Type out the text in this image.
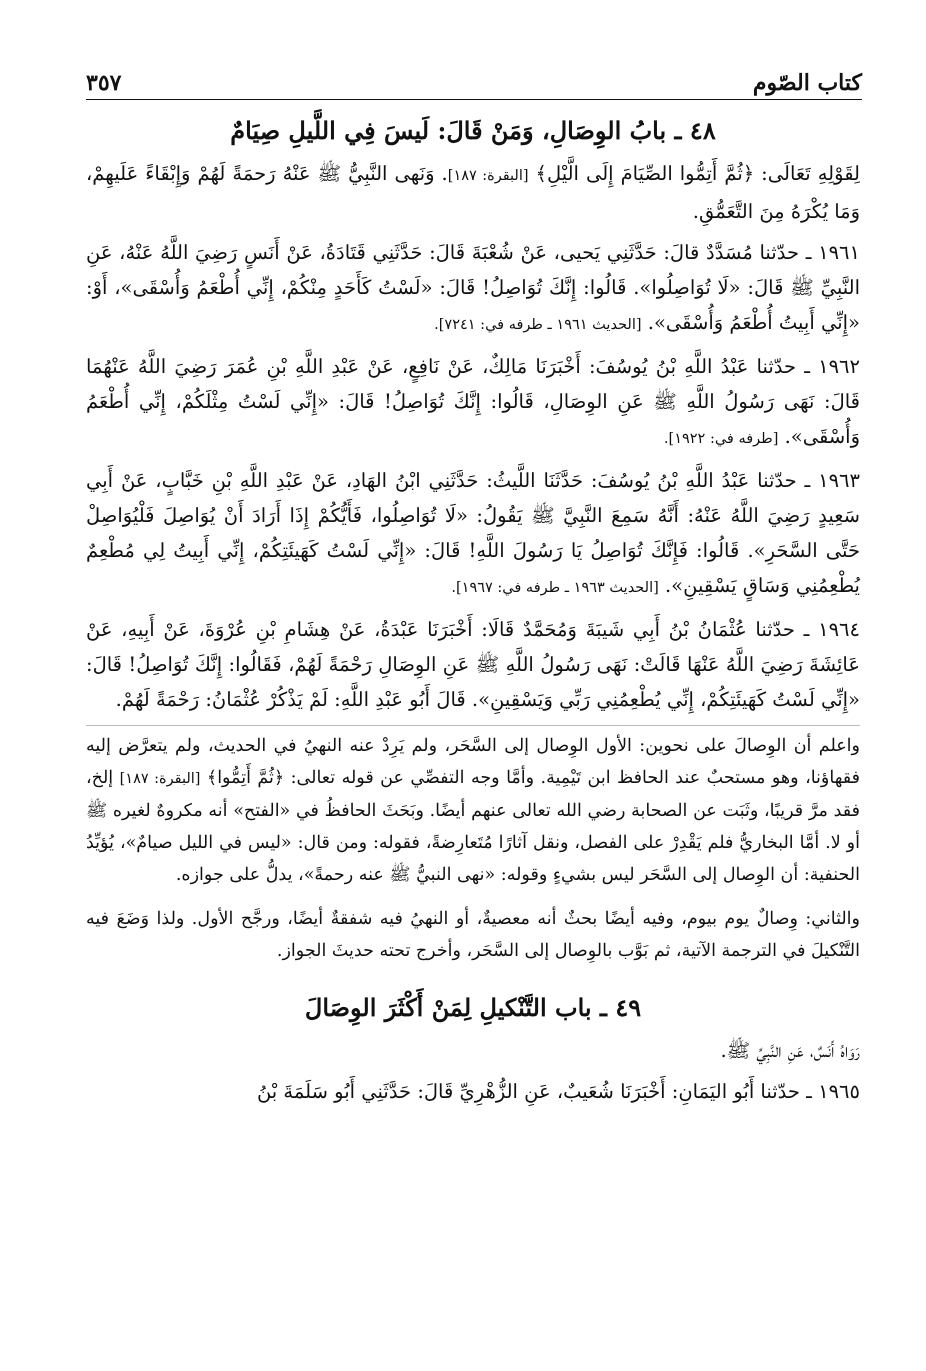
كتاب الصّوم
٣٥٧
٤٨ ـ بابُ الوِصَالِ، وَمَنْ قَالَ: لَيسَ فِي اللَّيلِ صِيَامٌ

لِقَوْلِهِ تَعَالَى: ﴿ثُمَّ أَتِمُّوا الصِّيَامَ إِلَى الَّيْلِ﴾ [البقرة: ١٨٧]. وَنَهى النَّبِيُّ ﷺ عَنْهُ رَحمَةً لَهُمْ وَإِبْقَاءً عَلَيهِمْ، وَمَا يُكْرَهُ مِنَ التَّعَمُّقِ.

١٩٦١ ـ حدّثنا مُسَدَّدٌ قالَ: حَدَّثَنِي يَحيى، عَنْ شُعْبَةَ قَالَ: حَدَّثَنِي قَتَادَةُ، عَنْ أَنَسٍ رَضِيَ اللَّهُ عَنْهُ، عَنِ النَّبِيِّ ﷺ قَالَ: «لَا تُوَاصِلُوا». قَالُوا: إِنَّكَ تُوَاصِلُ! قَالَ: «لَسْتُ كَأَحَدٍ مِنْكُمْ، إِنِّي أُطْعَمُ وَأُسْقَى»، أَوْ: «إِنِّي أَبِيتُ أُطْعَمُ وَأُسْقَى». [الحديث ١٩٦١ ـ طرفه في: ٧٢٤١].

١٩٦٢ ـ حدّثنا عَبْدُ اللَّهِ بْنُ يُوسُفَ: أَخْبَرَنَا مَالِكٌ، عَنْ نَافِعٍ، عَنْ عَبْدِ اللَّهِ بْنِ عُمَرَ رَضِيَ اللَّهُ عَنْهُمَا قَالَ: نَهَى رَسُولُ اللَّهِ ﷺ عَنِ الوِصَالِ، قَالُوا: إِنَّكَ تُوَاصِلُ! قَالَ: «إِنِّي لَسْتُ مِثْلَكُمْ، إِنِّي أُطْعَمُ وَأُسْقَى». [طرفه في: ١٩٢٢].

١٩٦٣ ـ حدّثنا عَبْدُ اللَّهِ بْنُ يُوسُفَ: حَدَّثَنَا اللَّيثُ: حَدَّثَنِي ابْنُ الهَادِ، عَنْ عَبْدِ اللَّهِ بْنِ خَبَّابٍ، عَنْ أَبِي سَعِيدٍ رَضِيَ اللَّهُ عَنْهُ: أَنَّهُ سَمِعَ النَّبِيَّ ﷺ يَقُولُ: «لَا تُوَاصِلُوا، فَأَيُّكُمْ إِذَا أَرَادَ أَنْ يُوَاصِلَ فَلْيُوَاصِلْ حَتَّى السَّحَرِ». قَالُوا: فَإِنَّكَ تُوَاصِلُ يَا رَسُولَ اللَّهِ! قَالَ: «إِنِّي لَسْتُ كَهَيئَتِكُمْ، إِنِّي أَبِيتُ لِي مُطْعِمٌ يُطْعِمُنِي وَسَاقٍ يَسْقِينِ». [الحديث ١٩٦٣ ـ طرفه في: ١٩٦٧].

١٩٦٤ ـ حدّثنا عُثْمَانُ بْنُ أَبِي شَيبَةَ وَمُحَمَّدٌ قَالَا: أَخْبَرَنَا عَبْدَةُ، عَنْ هِشَامِ بْنِ عُرْوَةَ، عَنْ أَبِيهِ، عَنْ عَائِشَةَ رَضِيَ اللَّهُ عَنْهَا قَالَتْ: نَهَى رَسُولُ اللَّهِ ﷺ عَنِ الوِصَالِ رَحْمَةً لَهُمْ، فَقَالُوا: إِنَّكَ تُوَاصِلُ! قَالَ: «إِنِّي لَسْتُ كَهَيئَتِكُمْ، إِنِّي يُطْعِمُنِي رَبِّي وَيَسْقِينِ». قَالَ أَبُو عَبْدِ اللَّهِ: لَمْ يَذْكُرْ عُثْمَانُ: رَحْمَةً لَهُمْ.

واعلم أن الوِصالَ على نحوين: الأول الوِصال إلى السَّحَر، ولم يَرِدْ عنه النهيُ في الحديث، ولم يتعرَّض إليه فقهاؤنا، وهو مستحبٌ عند الحافظ ابن تَيْمِية. وأمَّا وجه التفصِّي عن قوله تعالى: ﴿ثُمَّ أَتِمُّوا﴾ [البقرة: ١٨٧] إلخ، فقد مرَّ قريبًا، وثَبَت عن الصحابة رضي الله تعالى عنهم أيضًا. وبَحَثَ الحافظُ في «الفتح» أنه مكروهٌ لغيره ﷺ أو لا. أمَّا البخاريُّ فلم يَقْدِرْ على الفصل، ونقل آثارًا مُتَعارِضةً، فقوله: ومن قال: «ليس في الليل صيامٌ»، يُؤيِّدُ الحنفية: أن الوِصال إلى السَّحَر ليس بشيءٍ وقوله: «نهى النبيُّ ﷺ عنه رحمةً»، يدلُّ على جوازه.

والثاني: وِصالٌ يوم بيوم، وفيه أيضًا بحثٌ أنه معصيةٌ، أو النهيُ فيه شفقةٌ أيضًا، ورجَّح الأول. ولذا وَضَعَ فيه التَّنْكيلَ في الترجمة الآتية، ثم بَوَّب بالوِصال إلى السَّحَر، وأخرج تحته حديثَ الجواز.

٤٩ ـ باب التَّنْكيلِ لِمَنْ أَكْثَرَ الوِصَالَ

رَوَاهُ أَنَسٌ، عَنِ النَّبِيِّ ﷺ.

١٩٦٥ ـ حدّثنا أَبُو اليَمَانِ: أَخْبَرَنَا شُعَيبٌ، عَنِ الزُّهْرِيِّ قَالَ: حَدَّثَنِي أَبُو سَلَمَةَ بْنُ
